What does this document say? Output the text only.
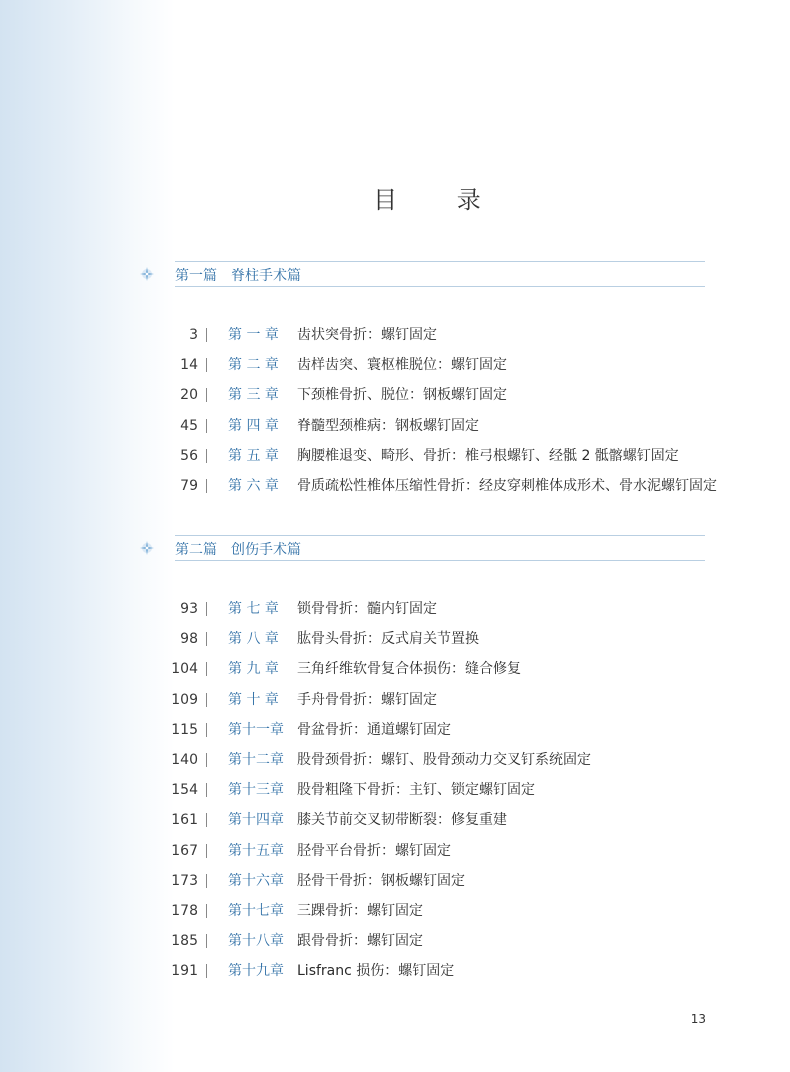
目 录
第一篇 脊柱手术篇
3 第 一 章 齿状突骨折：螺钉固定
14 第 二 章 齿样齿突、寰枢椎脱位：螺钉固定
20 第 三 章 下颈椎骨折、脱位：钢板螺钉固定
45 第 四 章 脊髓型颈椎病：钢板螺钉固定
56 第 五 章 胸腰椎退变、畸形、骨折：椎弓根螺钉、经骶 2 骶髂螺钉固定
79 第 六 章 骨质疏松性椎体压缩性骨折：经皮穿刺椎体成形术、骨水泥螺钉固定
第二篇 创伤手术篇
93 第 七 章 锁骨骨折：髓内钉固定
98 第 八 章 肱骨头骨折：反式肩关节置换
104 第 九 章 三角纤维软骨复合体损伤：缝合修复
109 第 十 章 手舟骨骨折：螺钉固定
115 第十一章 骨盆骨折：通道螺钉固定
140 第十二章 股骨颈骨折：螺钉、股骨颈动力交叉钉系统固定
154 第十三章 股骨粗隆下骨折：主钉、锁定螺钉固定
161 第十四章 膝关节前交叉韧带断裂：修复重建
167 第十五章 胫骨平台骨折：螺钉固定
173 第十六章 胫骨干骨折：钢板螺钉固定
178 第十七章 三踝骨折：螺钉固定
185 第十八章 跟骨骨折：螺钉固定
191 第十九章 Lisfranc 损伤：螺钉固定
13
